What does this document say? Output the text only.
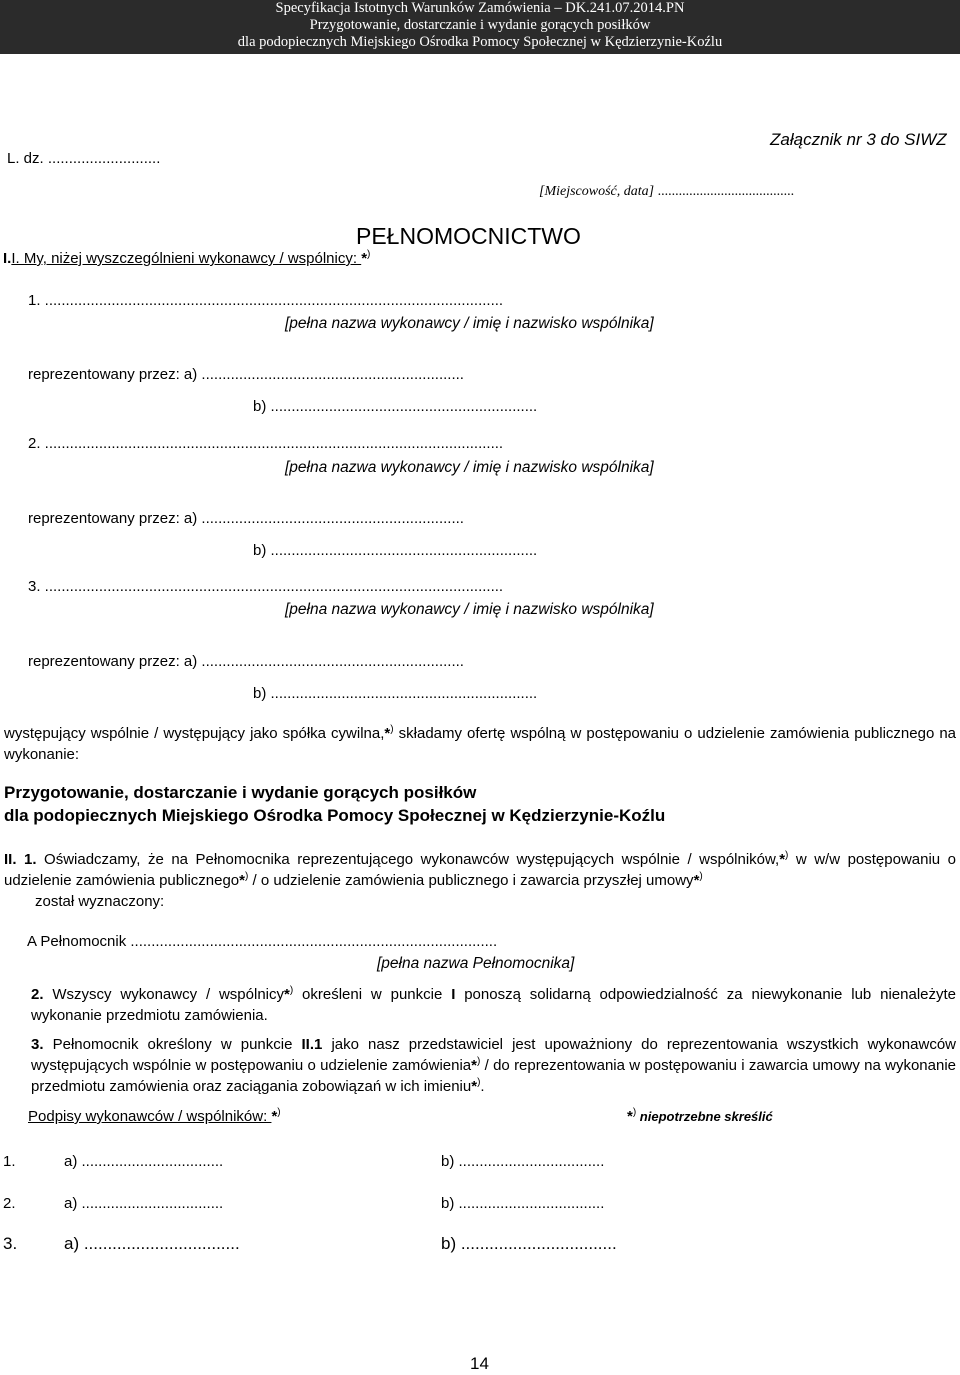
Specyfikacja Istotnych Warunków Zamówienia – DK.241.07.2014.PN
Przygotowanie, dostarczanie i wydanie gorących posiłków
dla podopiecznych Miejskiego Ośrodka Pomocy Społecznej w Kędzierzynie-Koźlu
L. dz. ...........................
Załącznik nr 3 do SIWZ
[Miejscowość, data] .......................................
PEŁNOMOCNICTWO
I.I. My, niżej wyszczególnieni wykonawcy / wspólnicy: *)
1. ..............................................................................................................
[pełna nazwa wykonawcy / imię i nazwisko wspólnika]
reprezentowany przez: a) ...............................................................
b) ................................................................
2. ..............................................................................................................
[pełna nazwa wykonawcy / imię i nazwisko wspólnika]
reprezentowany przez: a) ...............................................................
b) ................................................................
3. ..............................................................................................................
[pełna nazwa wykonawcy / imię i nazwisko wspólnika]
reprezentowany przez: a) ...............................................................
b) ................................................................
występujący wspólnie / występujący jako spółka cywilna,*) składamy ofertę wspólną w postępowaniu o udzielenie zamówienia publicznego na wykonanie:
Przygotowanie, dostarczanie i wydanie gorących posiłków
dla podopiecznych Miejskiego Ośrodka Pomocy Społecznej w Kędzierzynie-Koźlu
II. 1. Oświadczamy, że na Pełnomocnika reprezentującego wykonawców występujących wspólnie / wspólników,*) w w/w postępowaniu o udzielenie zamówienia publicznego*) / o udzielenie zamówienia publicznego i zawarcia przyszłej umowy*)
został wyznaczony:
A Pełnomocnik ........................................................................................
[pełna nazwa Pełnomocnika]
2. Wszyscy wykonawcy / wspólnicy*) określeni w punkcie I ponoszą solidarną odpowiedzialność za niewykonanie lub nienależyte wykonanie przedmiotu zamówienia.
3. Pełnomocnik określony w punkcie II.1 jako nasz przedstawiciel jest upoważniony do reprezentowania wszystkich wykonawców występujących wspólnie w postępowaniu o udzielenie zamówienia*) / do reprezentowania w postępowaniu i zawarcia umowy na wykonanie przedmiotu zamówienia oraz zaciągania zobowiązań w ich imieniu*).
Podpisy wykonawców / wspólników: *)	*) niepotrzebne skreślić
1.	a) ..................................	b) ...................................
2.	a) ..................................	b) ...................................
3.	a) .................................	b) .................................
14
